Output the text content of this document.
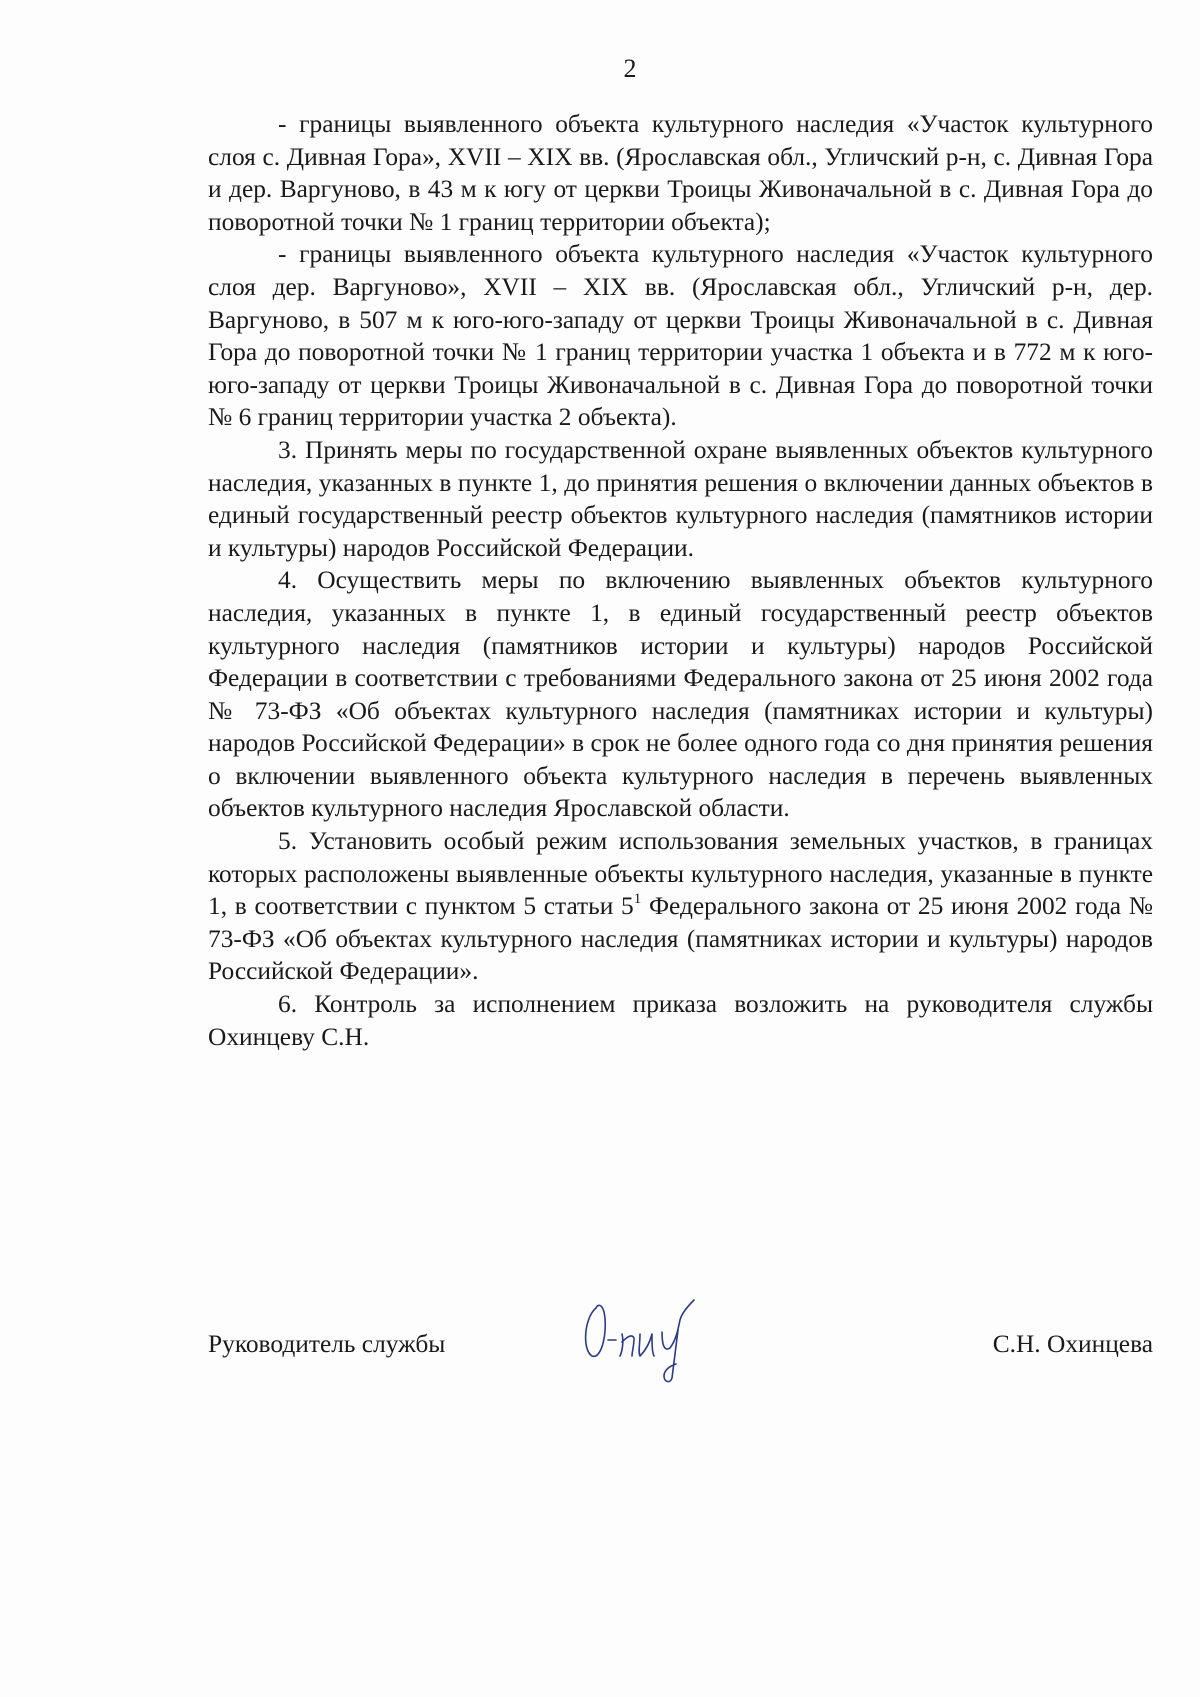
2

- границы выявленного объекта культурного наследия «Участок культурного слоя с. Дивная Гора», XVII – XIX вв. (Ярославская обл., Угличский р-н, с. Дивная Гора и дер. Варгуново, в 43 м к югу от церкви Троицы Живоначальной в с. Дивная Гора до поворотной точки № 1 границ территории объекта);

- границы выявленного объекта культурного наследия «Участок культурного слоя дер. Варгуново», XVII – XIX вв. (Ярославская обл., Угличский р-н, дер. Варгуново, в 507 м к юго-юго-западу от церкви Троицы Живоначальной в с. Дивная Гора до поворотной точки № 1 границ территории участка 1 объекта и в 772 м к юго-юго-западу от церкви Троицы Живоначальной в с. Дивная Гора до поворотной точки № 6 границ территории участка 2 объекта).

3. Принять меры по государственной охране выявленных объектов культурного наследия, указанных в пункте 1, до принятия решения о включении данных объектов в единый государственный реестр объектов культурного наследия (памятников истории и культуры) народов Российской Федерации.

4. Осуществить меры по включению выявленных объектов культурного наследия, указанных в пункте 1, в единый государственный реестр объектов культурного наследия (памятников истории и культуры) народов Российской Федерации в соответствии с требованиями Федерального закона от 25 июня 2002 года № 73-ФЗ «Об объектах культурного наследия (памятниках истории и культуры) народов Российской Федерации» в срок не более одного года со дня принятия решения о включении выявленного объекта культурного наследия в перечень выявленных объектов культурного наследия Ярославской области.

5. Установить особый режим использования земельных участков, в границах которых расположены выявленные объекты культурного наследия, указанные в пункте 1, в соответствии с пунктом 5 статьи $5^1$ Федерального закона от 25 июня 2002 года № 73-ФЗ «Об объектах культурного наследия (памятниках истории и культуры) народов Российской Федерации».

6. Контроль за исполнением приказа возложить на руководителя службы Охинцеву С.Н.

Руководитель службы	С.Н. Охинцева
